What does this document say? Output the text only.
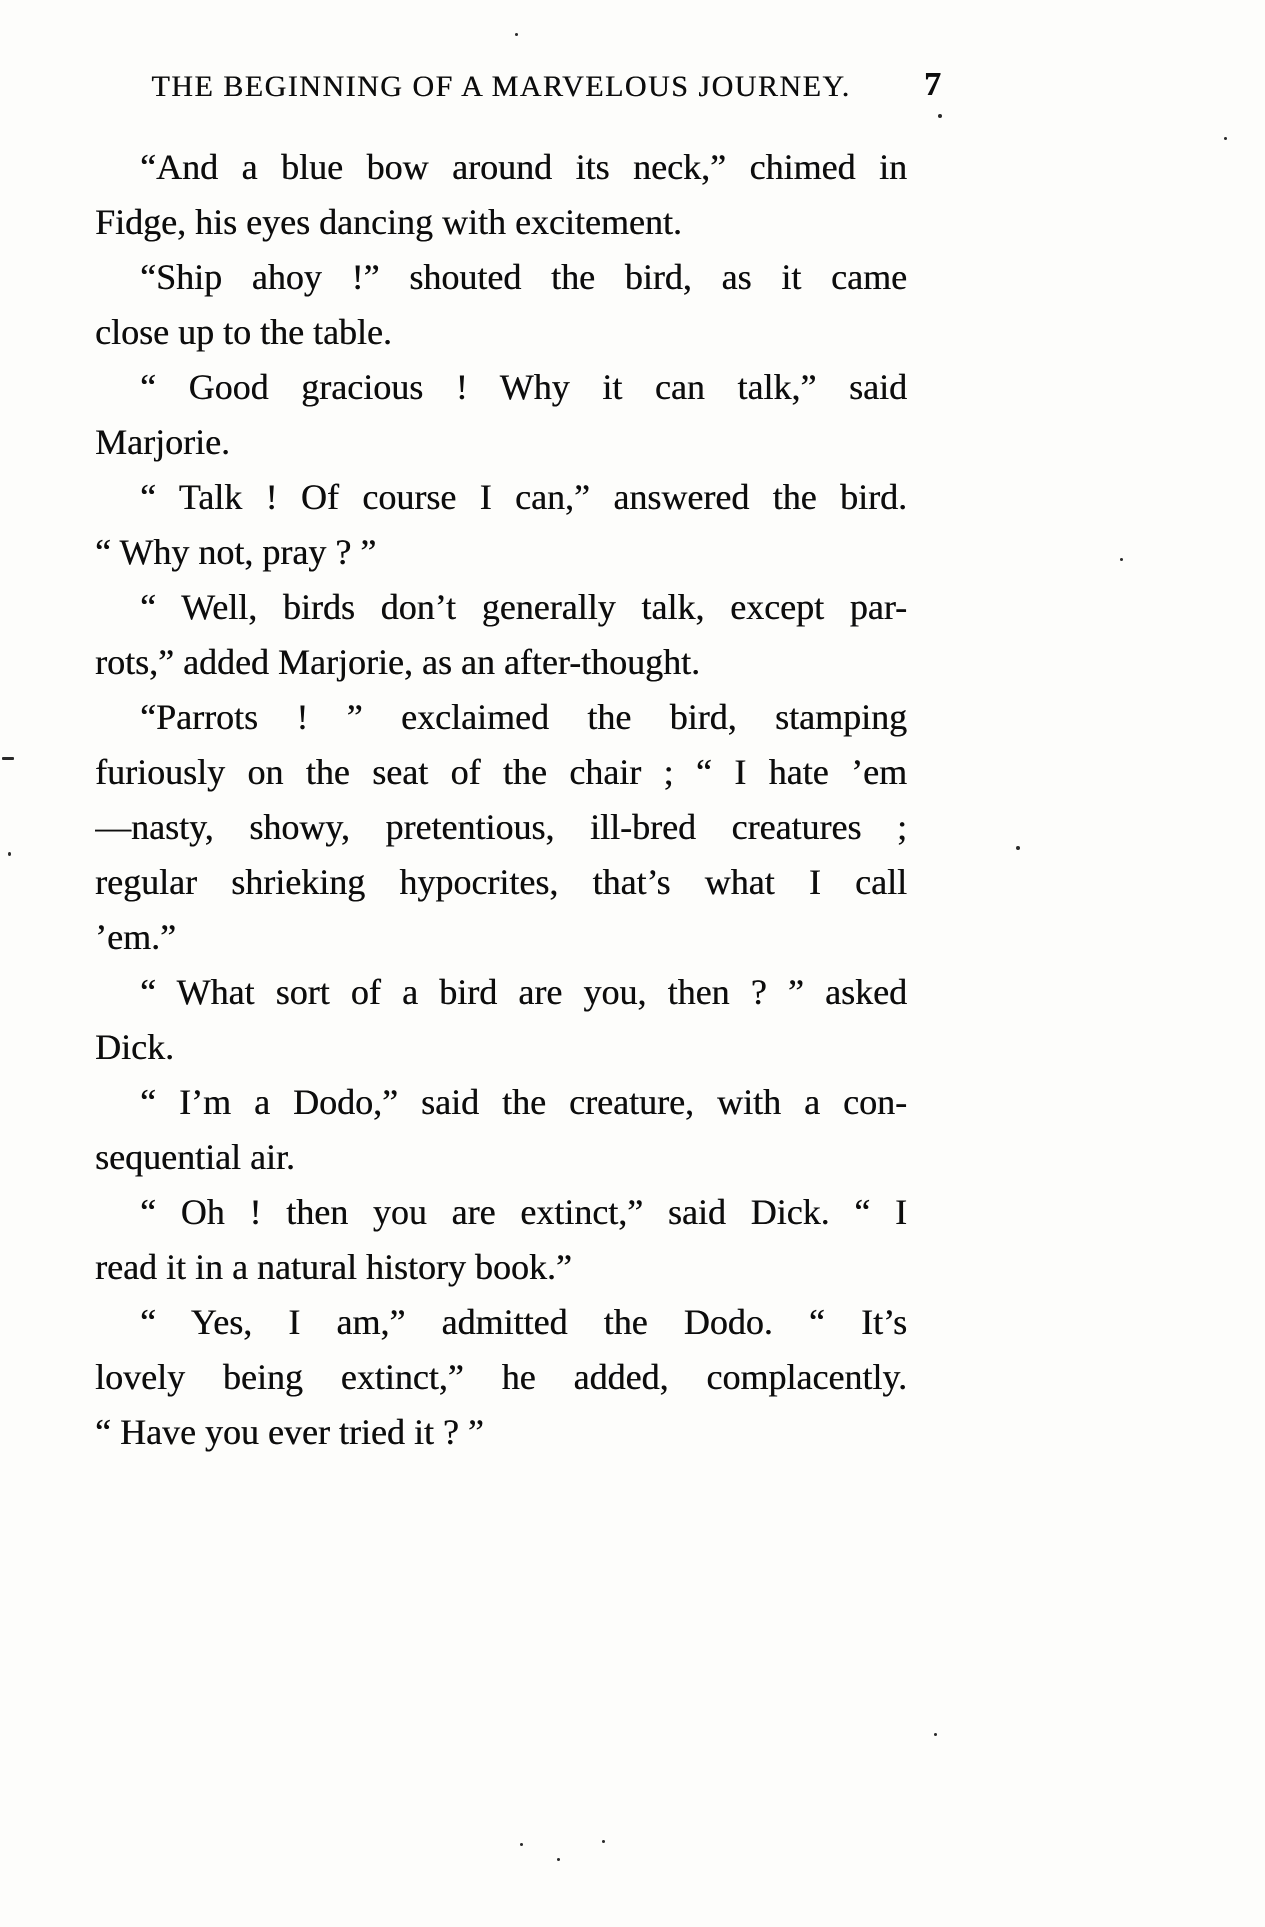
THE BEGINNING OF A MARVELOUS JOURNEY.	7
“And a blue bow around its neck,” chimed in
Fidge, his eyes dancing with excitement.
“Ship ahoy !” shouted the bird, as it came
close up to the table.
“ Good gracious ! Why it can talk,” said
Marjorie.
“ Talk ! Of course I can,” answered the bird.
“ Why not, pray ? ”
“ Well, birds don’t generally talk, except par-
rots,” added Marjorie, as an after-thought.
“Parrots ! ” exclaimed the bird, stamping
furiously on the seat of the chair ; “ I hate ’em
—nasty, showy, pretentious, ill-bred creatures ;
regular shrieking hypocrites, that’s what I call
’em.”
“ What sort of a bird are you, then ? ” asked
Dick.
“ I’m a Dodo,” said the creature, with a con-
sequential air.
“ Oh ! then you are extinct,” said Dick. “ I
read it in a natural history book.”
“ Yes, I am,” admitted the Dodo. “ It’s
lovely being extinct,” he added, complacently.
“ Have you ever tried it ? ”
